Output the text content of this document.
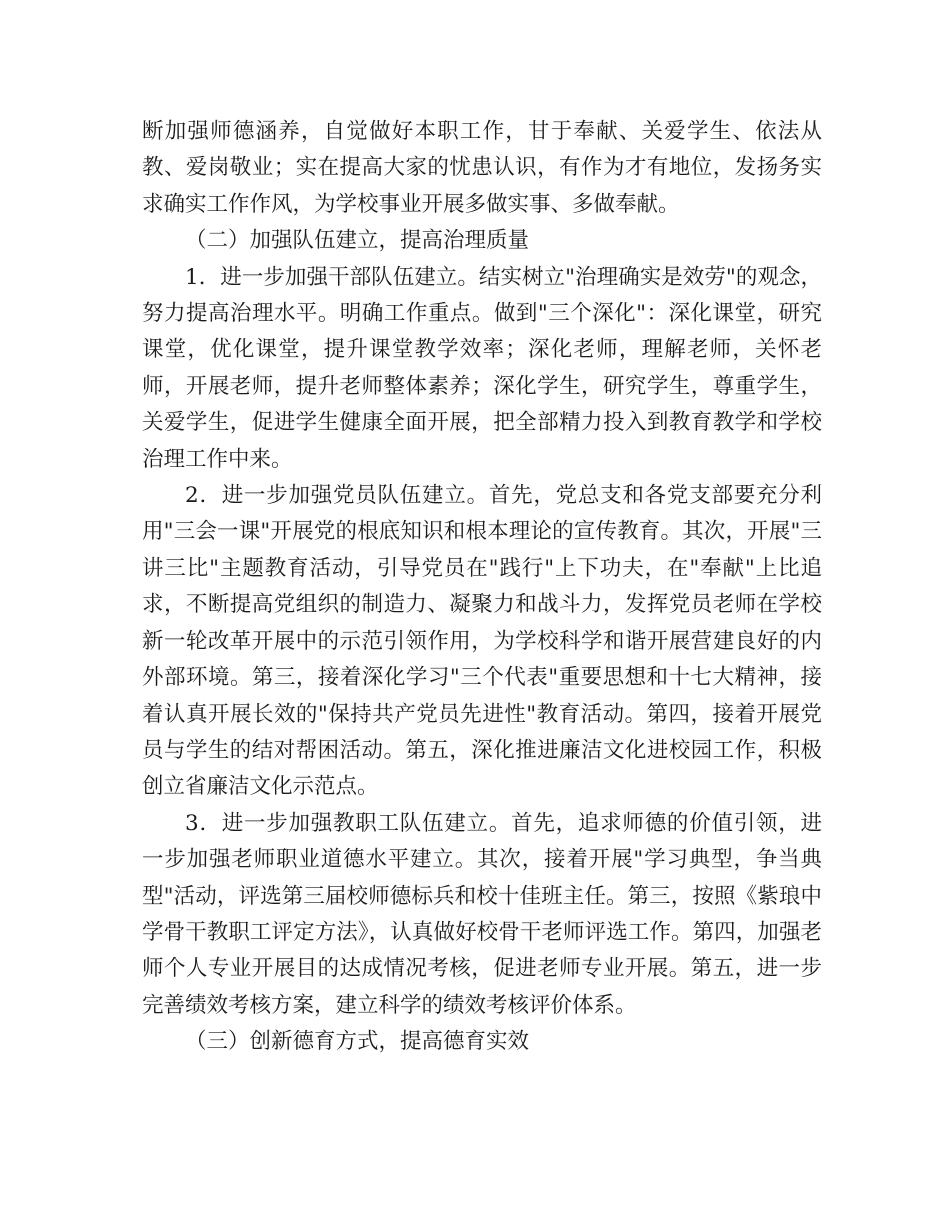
断加强师德涵养，自觉做好本职工作，甘于奉献、关爱学生、依法从教、爱岗敬业；实在提高大家的忧患认识，有作为才有地位，发扬务实求确实工作作风，为学校事业开展多做实事、多做奉献。

（二）加强队伍建立，提高治理质量

1．进一步加强干部队伍建立。结实树立"治理确实是效劳"的观念，努力提高治理水平。明确工作重点。做到"三个深化"：深化课堂，研究课堂，优化课堂，提升课堂教学效率；深化老师，理解老师，关怀老师，开展老师，提升老师整体素养；深化学生，研究学生，尊重学生，关爱学生，促进学生健康全面开展，把全部精力投入到教育教学和学校治理工作中来。

2．进一步加强党员队伍建立。首先，党总支和各党支部要充分利用"三会一课"开展党的根底知识和根本理论的宣传教育。其次，开展"三讲三比"主题教育活动，引导党员在"践行"上下功夫，在"奉献"上比追求，不断提高党组织的制造力、凝聚力和战斗力，发挥党员老师在学校新一轮改革开展中的示范引领作用，为学校科学和谐开展营建良好的内外部环境。第三，接着深化学习"三个代表"重要思想和十七大精神，接着认真开展长效的"保持共产党员先进性"教育活动。第四，接着开展党员与学生的结对帮困活动。第五，深化推进廉洁文化进校园工作，积极创立省廉洁文化示范点。

3．进一步加强教职工队伍建立。首先，追求师德的价值引领，进一步加强老师职业道德水平建立。其次，接着开展"学习典型，争当典型"活动，评选第三届校师德标兵和校十佳班主任。第三，按照《紫琅中学骨干教职工评定方法》，认真做好校骨干老师评选工作。第四，加强老师个人专业开展目的达成情况考核，促进老师专业开展。第五，进一步完善绩效考核方案，建立科学的绩效考核评价体系。

（三）创新德育方式，提高德育实效
